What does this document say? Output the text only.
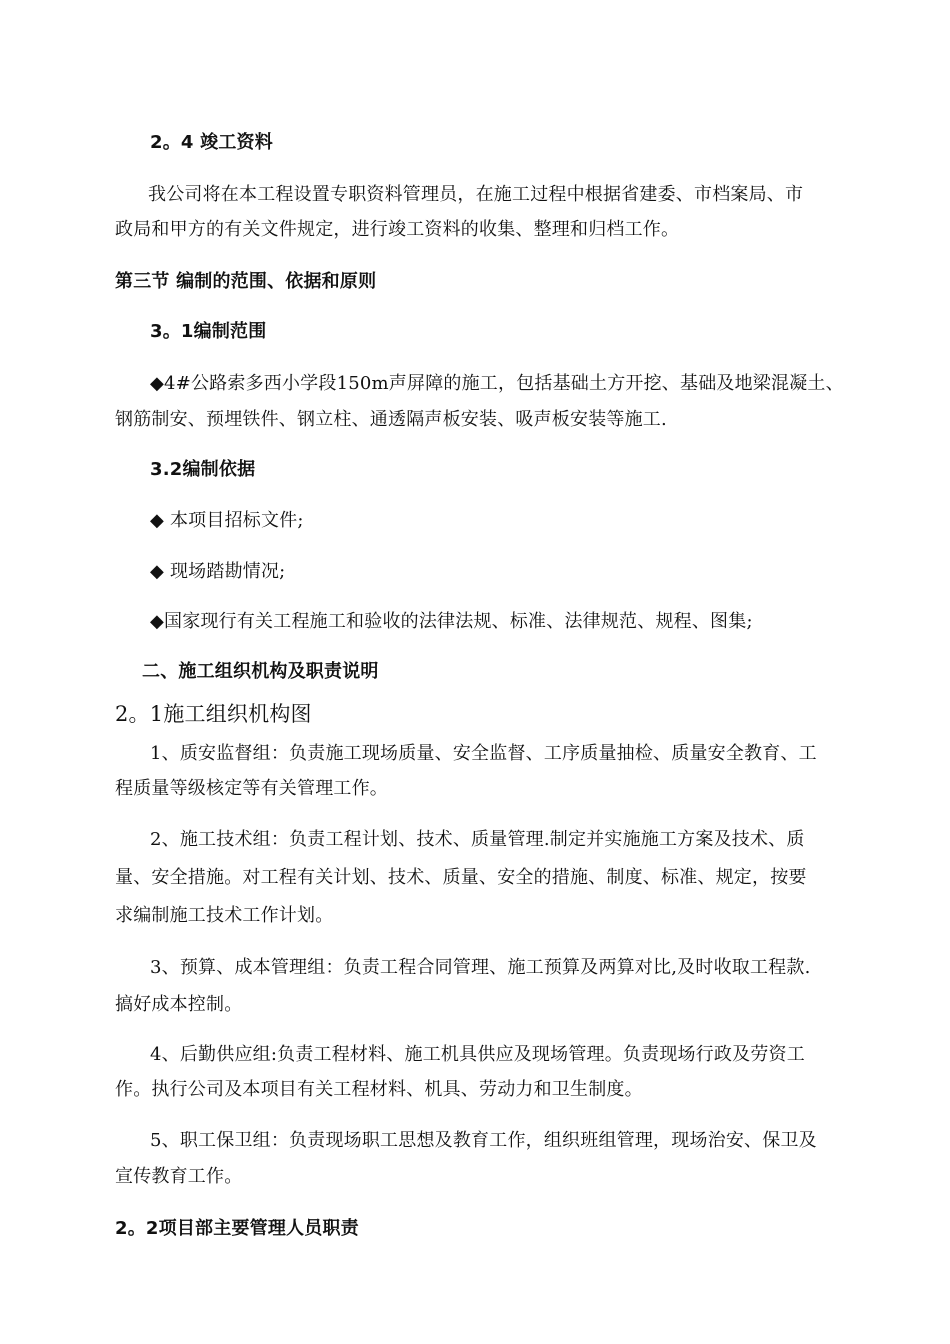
2。4 竣工资料
我公司将在本工程设置专职资料管理员，在施工过程中根据省建委、市档案局、市
政局和甲方的有关文件规定，进行竣工资料的收集、整理和归档工作。
第三节 编制的范围、依据和原则
3。1编制范围
◆4#公路索多西小学段150m声屏障的施工，包括基础土方开挖、基础及地梁混凝土、
钢筋制安、预埋铁件、钢立柱、通透隔声板安装、吸声板安装等施工.
3.2编制依据
◆ 本项目招标文件;
◆ 现场踏勘情况;
◆国家现行有关工程施工和验收的法律法规、标准、法律规范、规程、图集;
二、施工组织机构及职责说明
2。1施工组织机构图
1、质安监督组：负责施工现场质量、安全监督、工序质量抽检、质量安全教育、工
程质量等级核定等有关管理工作。
2、施工技术组：负责工程计划、技术、质量管理.制定并实施施工方案及技术、质
量、安全措施。对工程有关计划、技术、质量、安全的措施、制度、标准、规定，按要
求编制施工技术工作计划。
3、预算、成本管理组：负责工程合同管理、施工预算及两算对比,及时收取工程款.
搞好成本控制。
4、后勤供应组:负责工程材料、施工机具供应及现场管理。负责现场行政及劳资工
作。执行公司及本项目有关工程材料、机具、劳动力和卫生制度。
5、职工保卫组：负责现场职工思想及教育工作，组织班组管理，现场治安、保卫及
宣传教育工作。
2。2项目部主要管理人员职责
